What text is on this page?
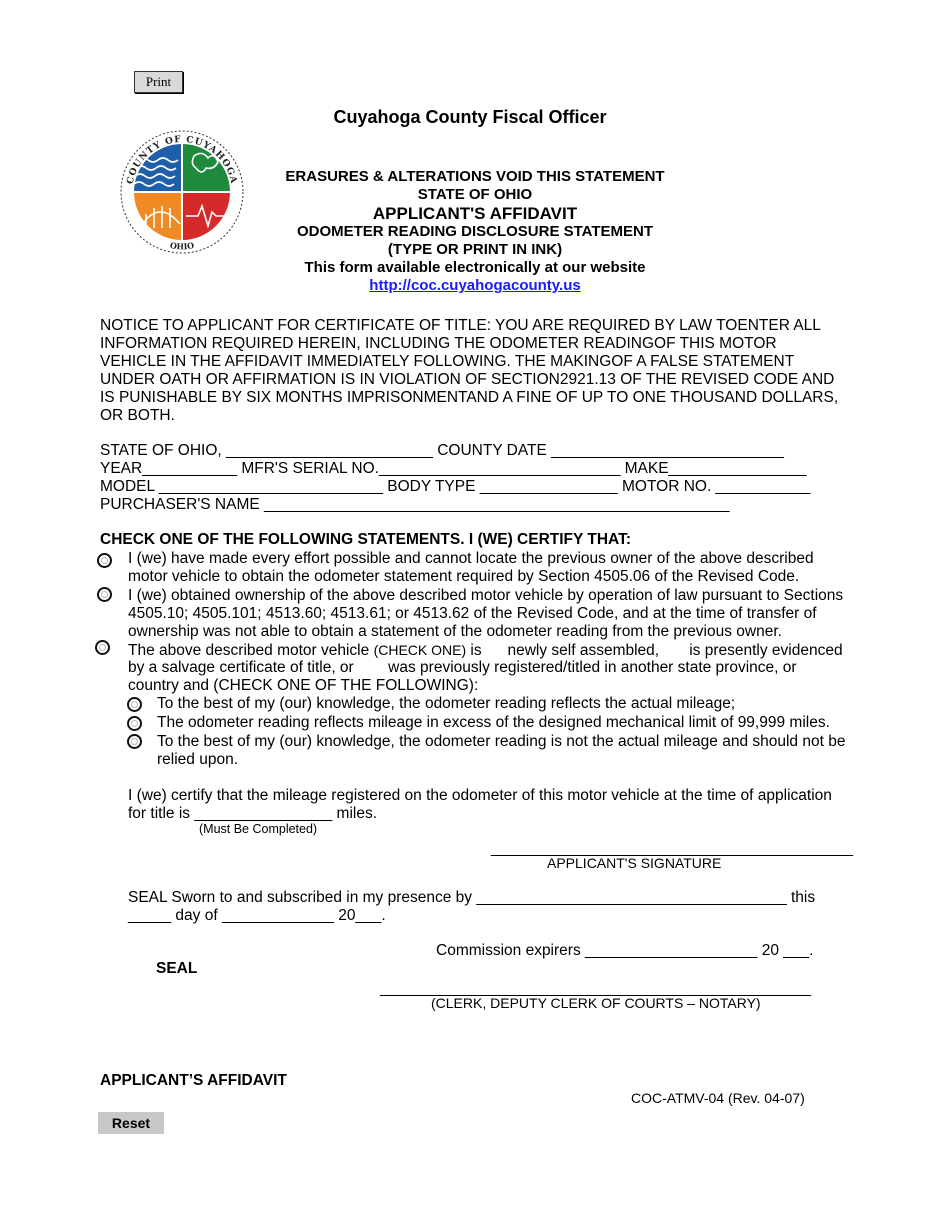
Print
Cuyahoga County Fiscal Officer
COUNTY OF CUYAHOGA
OHIO
ERASURES & ALTERATIONS VOID THIS STATEMENT
STATE OF OHIO
APPLICANT'S AFFIDAVIT
ODOMETER READING DISCLOSURE STATEMENT
(TYPE OR PRINT IN INK)
This form available electronically at our website
http://coc.cuyahogacounty.us
NOTICE TO APPLICANT FOR CERTIFICATE OF TITLE: YOU ARE REQUIRED BY LAW TOENTER ALL
INFORMATION REQUIRED HEREIN, INCLUDING THE ODOMETER READINGOF THIS MOTOR
VEHICLE IN THE AFFIDAVIT IMMEDIATELY FOLLOWING. THE MAKINGOF A FALSE STATEMENT
UNDER OATH OR AFFIRMATION IS IN VIOLATION OF SECTION2921.13 OF THE REVISED CODE AND
IS PUNISHABLE BY SIX MONTHS IMPRISONMENTAND A FINE OF UP TO ONE THOUSAND DOLLARS,
OR BOTH.
STATE OF OHIO, ________________________ COUNTY DATE ___________________________
YEAR___________ MFR'S SERIAL NO.____________________________ MAKE________________
MODEL __________________________ BODY TYPE ________________ MOTOR NO. ___________
PURCHASER'S NAME ______________________________________________________
CHECK ONE OF THE FOLLOWING STATEMENTS. I (WE) CERTIFY THAT:
I (we) have made every effort possible and cannot locate the previous owner of the above described
motor vehicle to obtain the odometer statement required by Section 4505.06 of the Revised Code.
I (we) obtained ownership of the above described motor vehicle by operation of law pursuant to Sections
4505.10; 4505.101; 4513.60; 4513.61; or 4513.62 of the Revised Code, and at the time of transfer of
ownership was not able to obtain a statement of the odometer reading from the previous owner.
The above described motor vehicle (CHECK ONE) is      newly self assembled,       is presently evidenced
by a salvage certificate of title, or        was previously registered/titled in another state province, or
country and (CHECK ONE OF THE FOLLOWING):
To the best of my (our) knowledge, the odometer reading reflects the actual mileage;
The odometer reading reflects mileage in excess of the designed mechanical limit of 99,999 miles.
To the best of my (our) knowledge, the odometer reading is not the actual mileage and should not be
relied upon.
I (we) certify that the mileage registered on the odometer of this motor vehicle at the time of application
for title is ________________ miles.
(Must Be Completed)
__________________________________________
APPLICANT'S SIGNATURE
SEAL Sworn to and subscribed in my presence by ____________________________________ this
_____ day of _____________ 20___.
Commission expirers ____________________ 20 ___.
SEAL
__________________________________________________
(CLERK, DEPUTY CLERK OF COURTS – NOTARY)
APPLICANT’S AFFIDAVIT
COC-ATMV-04 (Rev. 04-07)
Reset
